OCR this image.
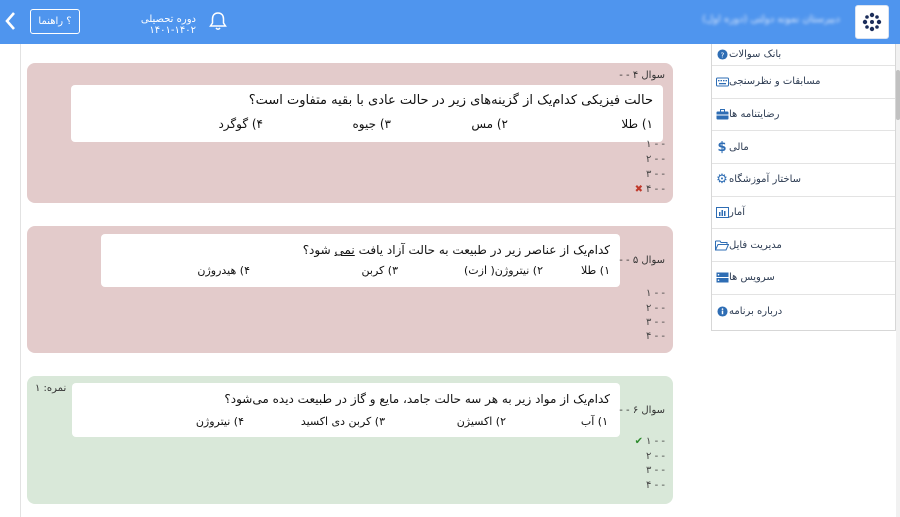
؟ راهنما	دوره تحصیلی ۱۴۰۲-۱۴۰۱
دبیرستان نمونه دولتی (دوره اول)
? بانک سوالات
مسابقات و نظرسنجی
رضایتنامه ها
$ مالی
⚙ ساختار آموزشگاه
آمار
مدیریت فایل
سرویس ها
درباره برنامه
سوال ۴ - -
حالت فیزیکی کدام‌یک از گزینه‌های زیر در حالت عادی با بقیه متفاوت است؟
۱) طلا
۲) مس
۳) جیوه
۴) گوگرد
۱ - -
۲ - -
۳ - -
✖ ۴ - -
کدام‌یک از عناصر زیر در طبیعت به حالت آزاد یافت نمی شود؟
۱) طلا
۲) نیتروژن( ازت)
۳) کربن
۴) هیدروژن
سوال ۵ - -
۱ - -
۲ - -
۳ - -
۴ - -
نمره: ۱
کدام‌یک از مواد زیر به هر سه حالت جامد، مایع و گاز در طبیعت دیده می‌شود؟
۱) آب
۲) اکسیژن
۳) کربن دی اکسید
۴) نیتروژن
سوال ۶ - -
✔ ۱ - -
۲ - -
۳ - -
۴ - -
